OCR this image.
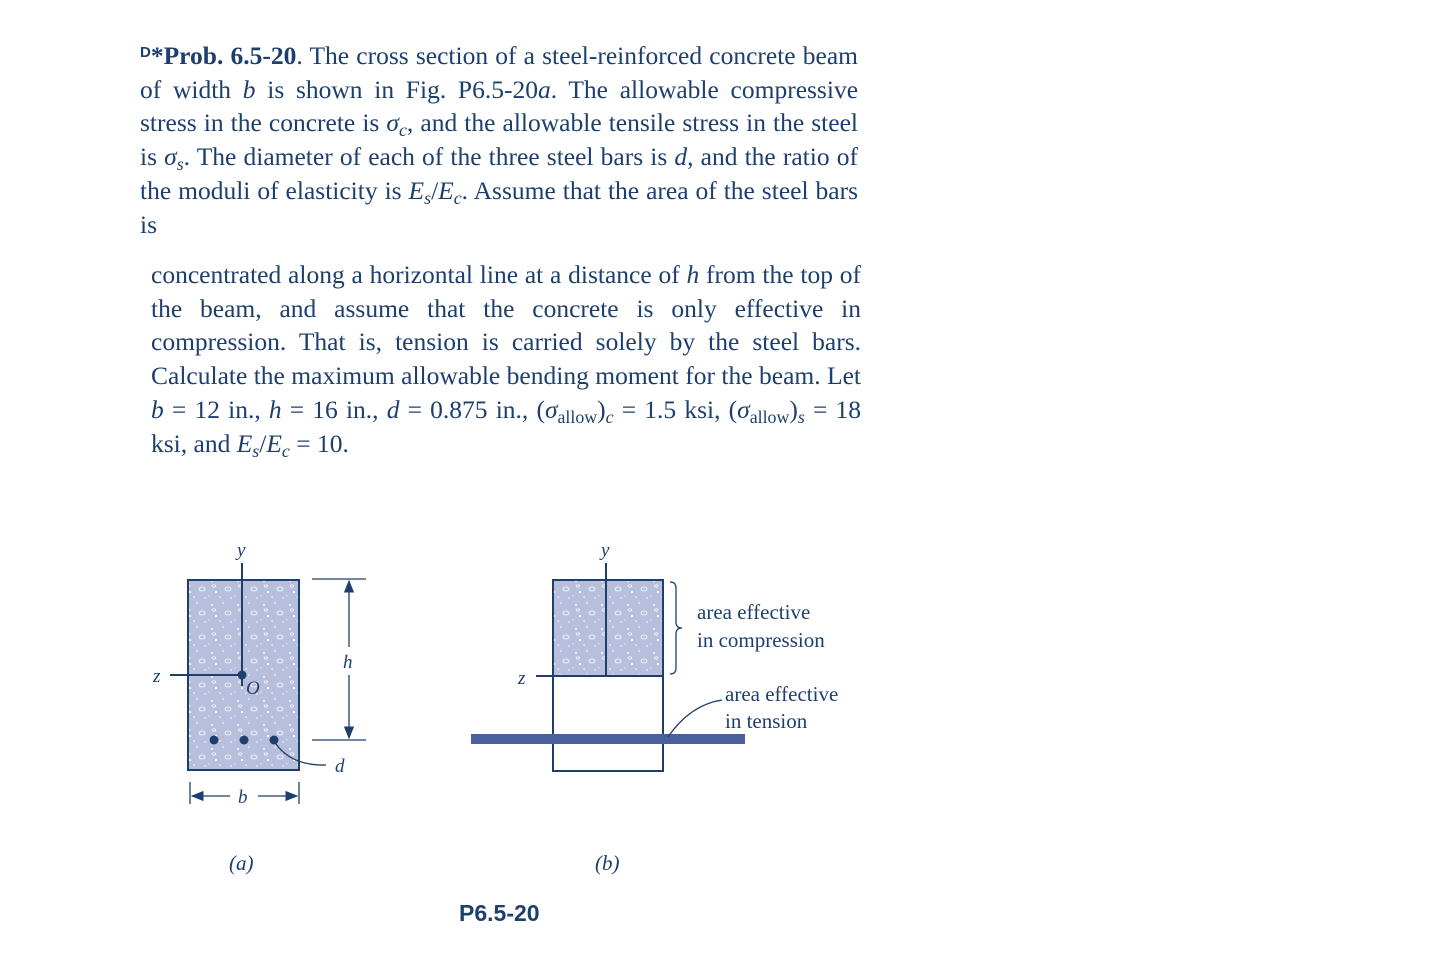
$^D$*Prob. 6.5-20. The cross section of a steel-reinforced concrete beam of width b is shown in Fig. P6.5-20a. The allowable compressive stress in the concrete is $\sigma_c$, and the allowable tensile stress in the steel is $\sigma_s$. The diameter of each of the three steel bars is d, and the ratio of the moduli of elasticity is $E_s/E_c$. Assume that the area of the steel bars is

concentrated along a horizontal line at a distance of h from the top of the beam, and assume that the concrete is only effective in compression. That is, tension is carried solely by the steel bars. Calculate the maximum allowable bending moment for the beam. Let b = 12 in., h = 16 in., d = 0.875 in., $(\sigma_{allow})_c = 1.5$ ksi, $(\sigma_{allow})_s = 18$ ksi, and $E_s/E_c = 10$.

y
z
O
h
d
b
(a)
y
z
area effective
in compression
area effective
in tension
(b)
P6.5-20
